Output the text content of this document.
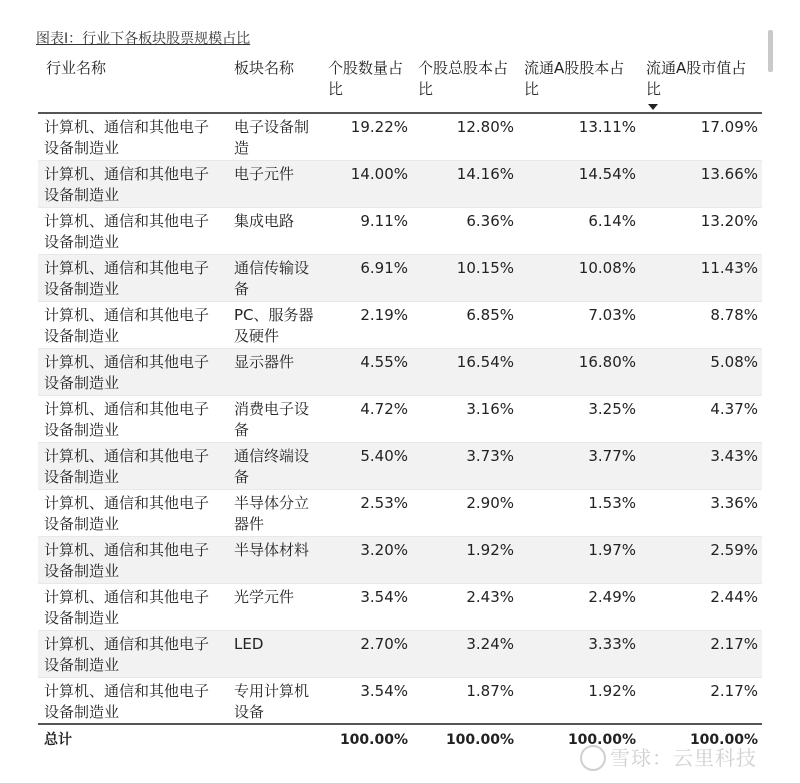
图表I：行业下各板块股票规模占比
行业名称	板块名称	个股数量占比	个股总股本占比	流通A股股本占比	流通A股市值占比

计算机、通信和其他电子设备制造业	电子设备制造	19.22%	12.80%	13.11%	17.09%
计算机、通信和其他电子设备制造业	电子元件	14.00%	14.16%	14.54%	13.66%
计算机、通信和其他电子设备制造业	集成电路	9.11%	6.36%	6.14%	13.20%
计算机、通信和其他电子设备制造业	通信传输设备	6.91%	10.15%	10.08%	11.43%
计算机、通信和其他电子设备制造业	PC、服务器及硬件	2.19%	6.85%	7.03%	8.78%
计算机、通信和其他电子设备制造业	显示器件	4.55%	16.54%	16.80%	5.08%
计算机、通信和其他电子设备制造业	消费电子设备	4.72%	3.16%	3.25%	4.37%
计算机、通信和其他电子设备制造业	通信终端设备	5.40%	3.73%	3.77%	3.43%
计算机、通信和其他电子设备制造业	半导体分立器件	2.53%	2.90%	1.53%	3.36%
计算机、通信和其他电子设备制造业	半导体材料	3.20%	1.92%	1.97%	2.59%
计算机、通信和其他电子设备制造业	光学元件	3.54%	2.43%	2.49%	2.44%
计算机、通信和其他电子设备制造业	LED	2.70%	3.24%	3.33%	2.17%
计算机、通信和其他电子设备制造业	专用计算机设备	3.54%	1.87%	1.92%	2.17%
总计		100.00%	100.00%	100.00%	100.00%
雪球：云里科技
